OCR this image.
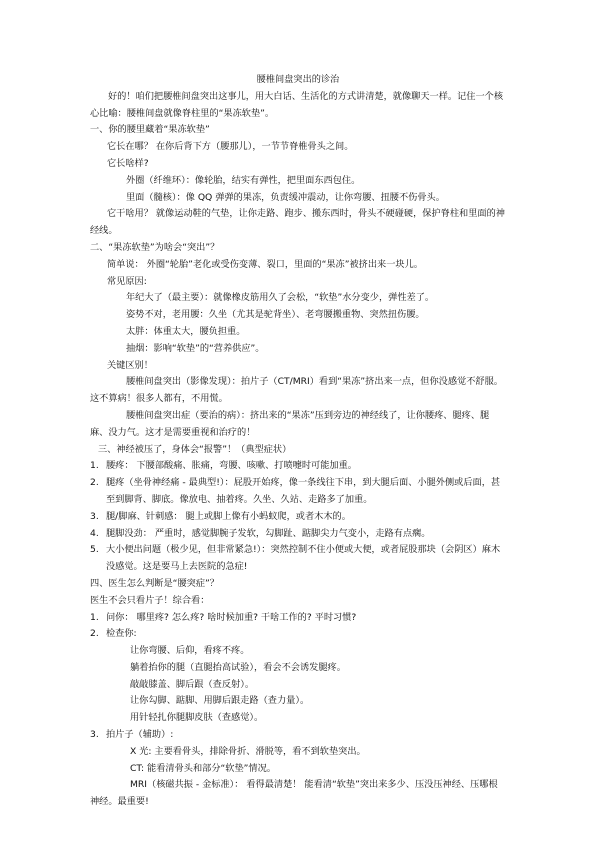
腰椎间盘突出的诊治
好的！咱们把腰椎间盘突出这事儿，用大白话、生活化的方式讲清楚，就像聊天一样。记住一个核心比喻：腰椎间盘就像脊柱里的“果冻软垫”。
一、你的腰里藏着“果冻软垫”
它长在哪？ 在你后背下方（腰那儿），一节节脊椎骨头之间。
它长啥样?
外圈（纤维环）：像轮胎，结实有弹性，把里面东西包住。
里面（髓核）：像 QQ 弹弹的果冻，负责缓冲震动，让你弯腰、扭腰不伤骨头。
它干啥用？ 就像运动鞋的气垫，让你走路、跑步、搬东西时，骨头不硬碰硬，保护脊柱和里面的神经线。
二、“果冻软垫”为啥会“突出”？
简单说： 外圈“轮胎”老化或受伤变薄、裂口，里面的“果冻”被挤出来一块儿。
常见原因:
年纪大了（最主要）：就像橡皮筋用久了会松，“软垫”水分变少，弹性差了。
姿势不对，老用腰：久坐（尤其是驼背坐）、老弯腰搬重物、突然扭伤腰。
太胖：体重太大，腰负担重。
抽烟：影响“软垫”的“营养供应”。
关键区别！
腰椎间盘突出（影像发现）：拍片子（CT/MRI）看到“果冻”挤出来一点，但你没感觉不舒服。这不算病！很多人都有，不用慌。
腰椎间盘突出症（要治的病）：挤出来的“果冻”压到旁边的神经线了，让你腰疼、腿疼、腿麻、没力气。这才是需要重视和治疗的！
三、神经被压了，身体会“报警”！（典型症状）
1. 腰疼： 下腰部酸痛、胀痛，弯腰、咳嗽、打喷嚏时可能加重。
2. 腿疼（坐骨神经痛 - 最典型!）：屁股开始疼，像一条线往下串，到大腿后面、小腿外侧或后面，甚至到脚背、脚底。像放电、抽着疼。久坐、久站、走路多了加重。
3. 腿/脚麻、针刺感： 腿上或脚上像有小蚂蚁爬，或者木木的。
4. 腿脚没劲： 严重时，感觉脚腕子发软，勾脚趾、踮脚尖力气变小，走路有点瘸。
5. 大小便出问题（极少见，但非常紧急!）：突然控制不住小便或大便，或者屁股那块（会阴区）麻木没感觉。这是要马上去医院的急症!
四、医生怎么判断是“腰突症”？
医生不会只看片子！综合看：
1. 问你： 哪里疼? 怎么疼? 啥时候加重? 干啥工作的? 平时习惯?
2. 检查你:
让你弯腰、后仰，看疼不疼。
躺着抬你的腿（直腿抬高试验），看会不会诱发腿疼。
敲敲膝盖、脚后跟（查反射）。
让你勾脚、踮脚、用脚后跟走路（查力量）。
用针轻扎你腿脚皮肤（查感觉）。
3. 拍片子（辅助）:
X 光: 主要看骨头，排除骨折、滑脱等，看不到软垫突出。
CT: 能看清骨头和部分“软垫”情况。
MRI（核磁共振 - 金标准）： 看得最清楚！ 能看清“软垫”突出来多少、压没压神经、压哪根神经。最重要!
